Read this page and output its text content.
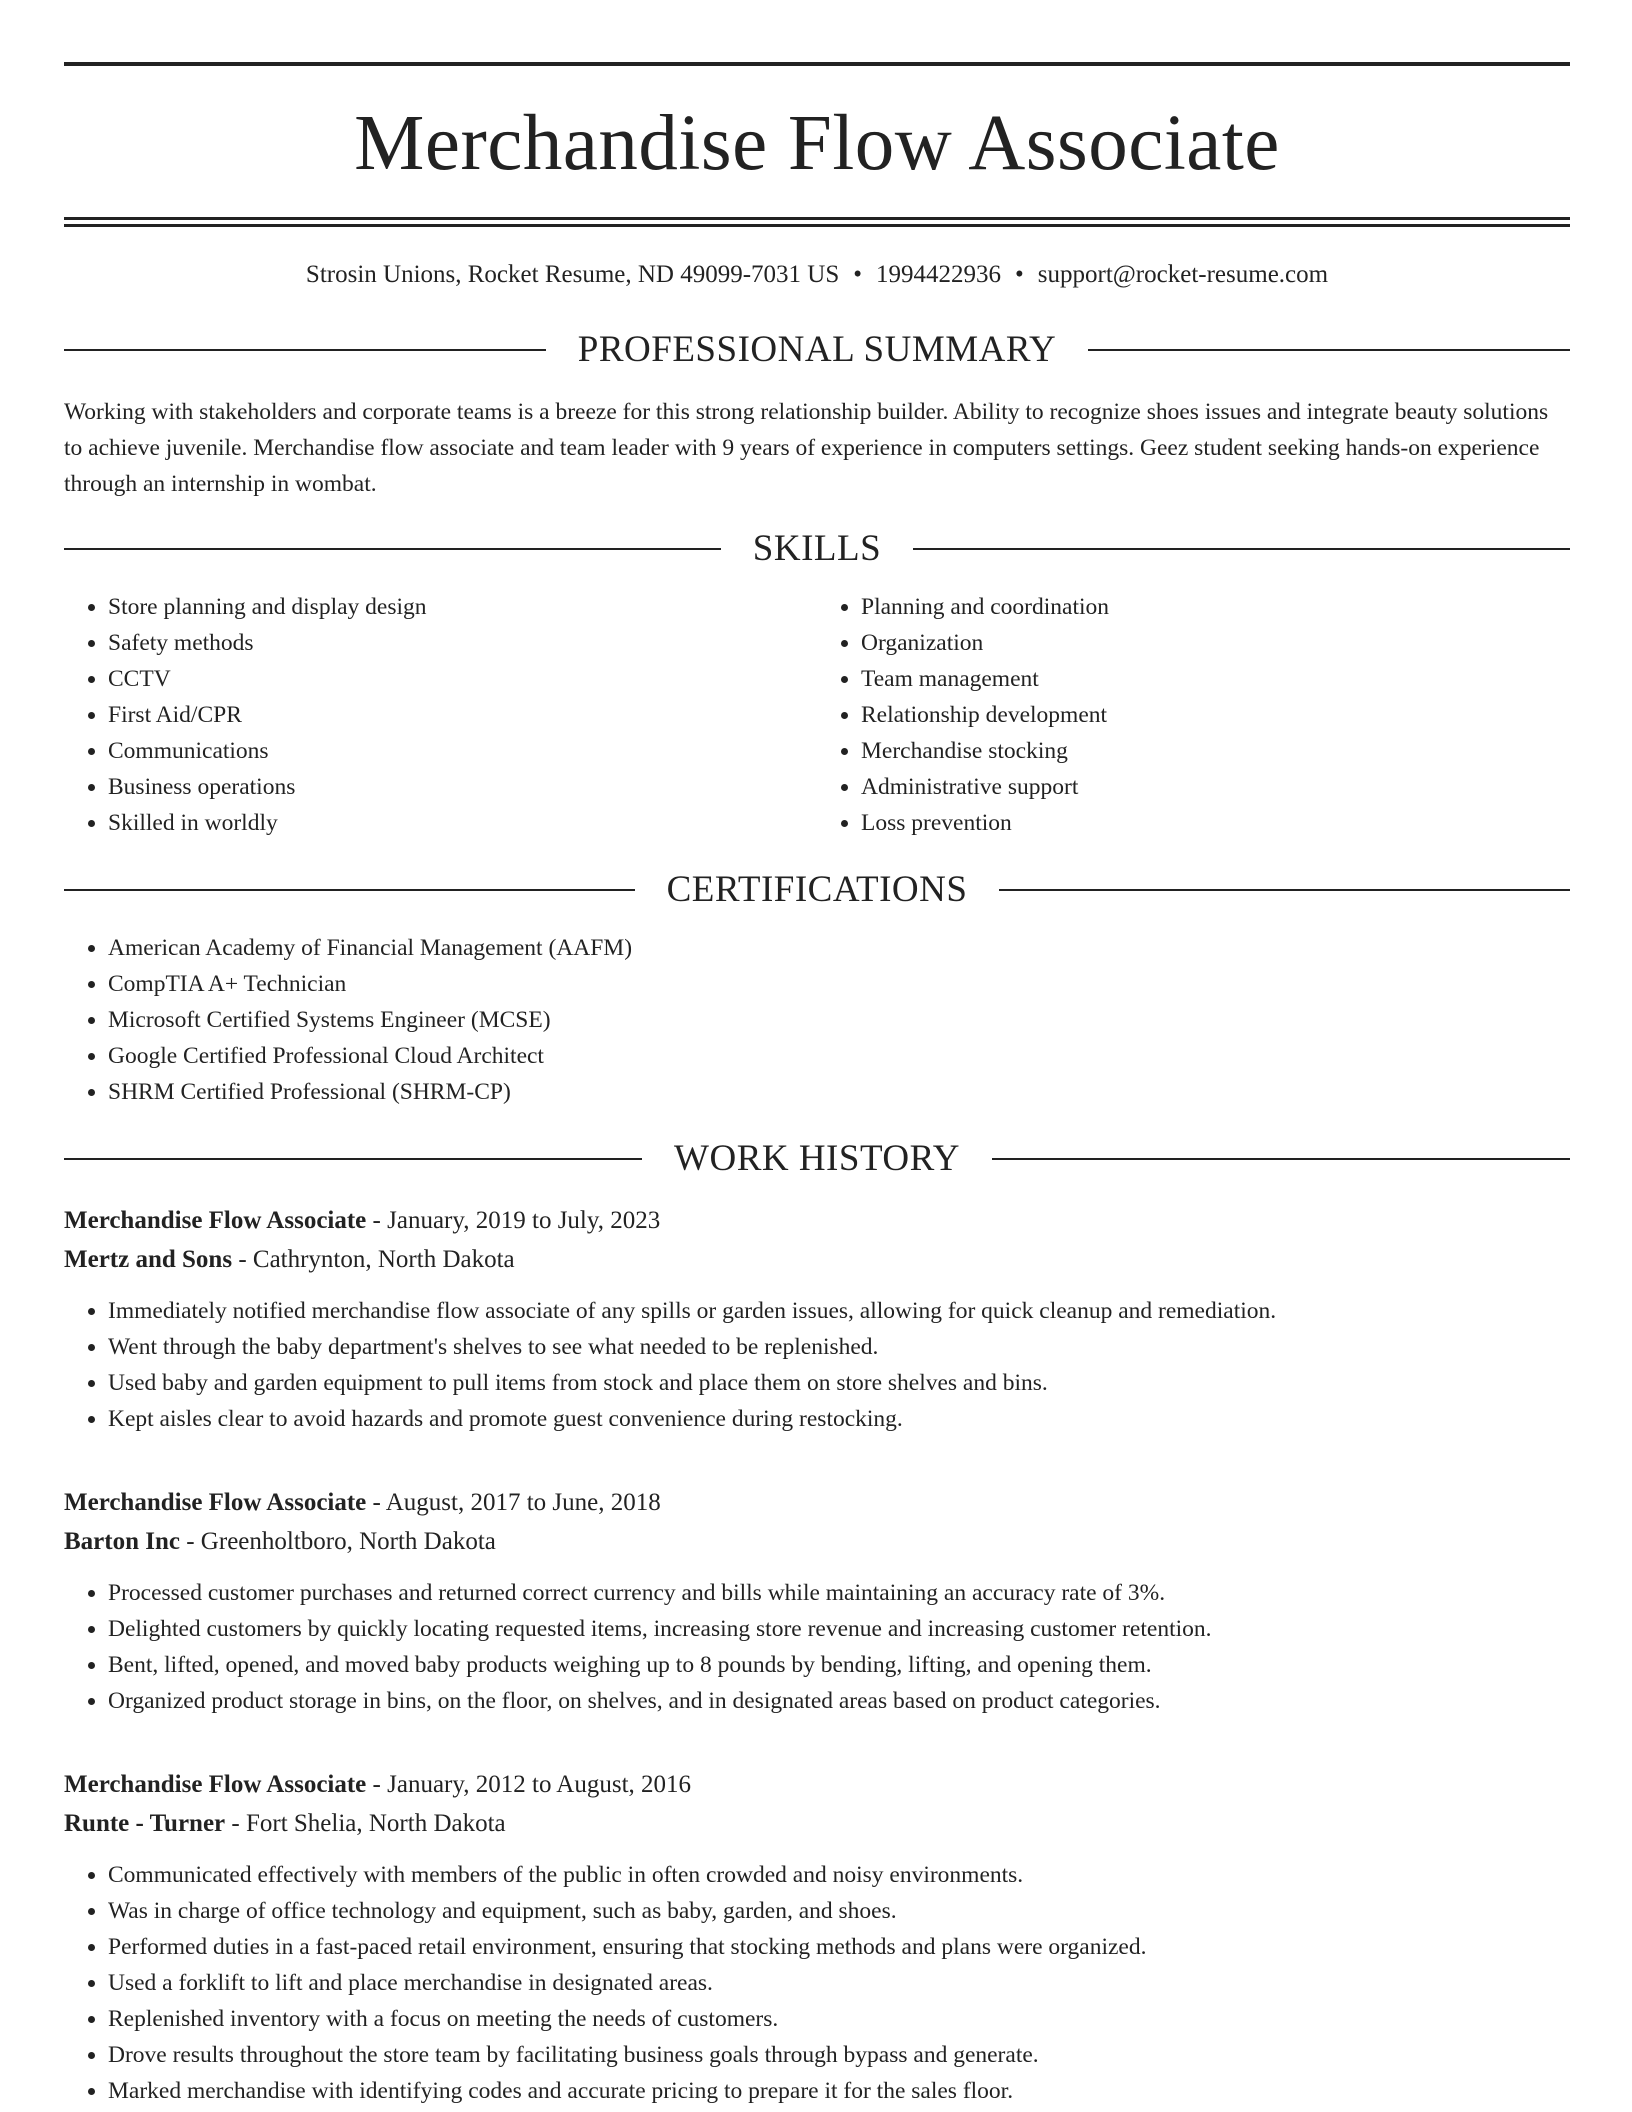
Merchandise Flow Associate
Strosin Unions, Rocket Resume, ND 49099-7031 US • 1994422936 • support@rocket-resume.com
PROFESSIONAL SUMMARY

Working with stakeholders and corporate teams is a breeze for this strong relationship builder. Ability to recognize shoes issues and integrate beauty solutions to achieve juvenile. Merchandise flow associate and team leader with 9 years of experience in computers settings. Geez student seeking hands-on experience through an internship in wombat.

SKILLS
• Store planning and display design
• Safety methods
• CCTV
• First Aid/CPR
• Communications
• Business operations
• Skilled in worldly
• Planning and coordination
• Organization
• Team management
• Relationship development
• Merchandise stocking
• Administrative support
• Loss prevention
CERTIFICATIONS
• American Academy of Financial Management (AAFM)
• CompTIA A+ Technician
• Microsoft Certified Systems Engineer (MCSE)
• Google Certified Professional Cloud Architect
• SHRM Certified Professional (SHRM-CP)
WORK HISTORY
Merchandise Flow Associate - January, 2019 to July, 2023
Mertz and Sons - Cathrynton, North Dakota
• Immediately notified merchandise flow associate of any spills or garden issues, allowing for quick cleanup and remediation.
• Went through the baby department's shelves to see what needed to be replenished.
• Used baby and garden equipment to pull items from stock and place them on store shelves and bins.
• Kept aisles clear to avoid hazards and promote guest convenience during restocking.
Merchandise Flow Associate - August, 2017 to June, 2018
Barton Inc - Greenholtboro, North Dakota
• Processed customer purchases and returned correct currency and bills while maintaining an accuracy rate of 3%.
• Delighted customers by quickly locating requested items, increasing store revenue and increasing customer retention.
• Bent, lifted, opened, and moved baby products weighing up to 8 pounds by bending, lifting, and opening them.
• Organized product storage in bins, on the floor, on shelves, and in designated areas based on product categories.
Merchandise Flow Associate - January, 2012 to August, 2016
Runte - Turner - Fort Shelia, North Dakota
• Communicated effectively with members of the public in often crowded and noisy environments.
• Was in charge of office technology and equipment, such as baby, garden, and shoes.
• Performed duties in a fast-paced retail environment, ensuring that stocking methods and plans were organized.
• Used a forklift to lift and place merchandise in designated areas.
• Replenished inventory with a focus on meeting the needs of customers.
• Drove results throughout the store team by facilitating business goals through bypass and generate.
• Marked merchandise with identifying codes and accurate pricing to prepare it for the sales floor.
